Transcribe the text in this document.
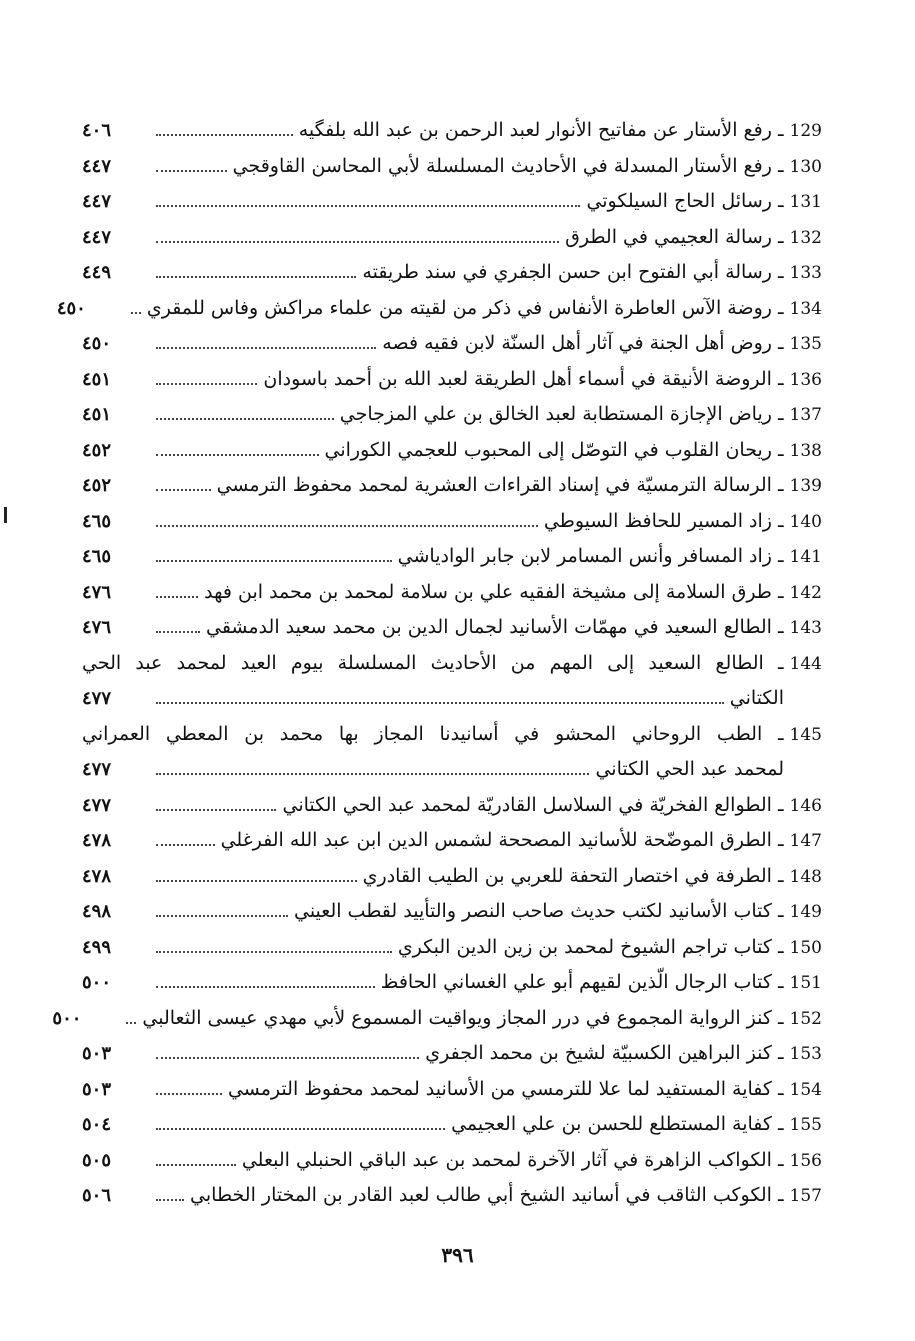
129
ـ رفع الأستار عن مفاتيح الأنوار لعبد الرحمن بن عبد الله بلفگيه
٤٠٦
130
ـ رفع الأستار المسدلة في الأحاديث المسلسلة لأبي المحاسن القاوقجي
٤٤٧
131
ـ رسائل الحاج السيلكوتي
٤٤٧
132
ـ رسالة العجيمي في الطرق
٤٤٧
133
ـ رسالة أبي الفتوح ابن حسن الجفري في سند طريقته
٤٤٩
134
ـ روضة الآس العاطرة الأنفاس في ذكر من لقيته من علماء مراكش وفاس للمقري
٤٥٠
135
ـ روض أهل الجنة في آثار أهل السنّة لابن فقيه فصه
٤٥٠
136
ـ الروضة الأنيقة في أسماء أهل الطريقة لعبد الله بن أحمد باسودان
٤٥١
137
ـ رياض الإجازة المستطابة لعبد الخالق بن علي المزجاجي
٤٥١
138
ـ ريحان القلوب في التوصّل إلى المحبوب للعجمي الكوراني
٤٥٢
139
ـ الرسالة الترمسيّة في إسناد القراءات العشرية لمحمد محفوظ الترمسي
٤٥٢
140
ـ زاد المسير للحافظ السيوطي
٤٦٥
141
ـ زاد المسافر وأنس المسامر لابن جابر الوادياشي
٤٦٥
142
ـ طرق السلامة إلى مشيخة الفقيه علي بن سلامة لمحمد بن محمد ابن فهد
٤٧٦
143
ـ الطالع السعيد في مهمّات الأسانيد لجمال الدين بن محمد سعيد الدمشقي
٤٧٦
144
ـ الطالع السعيد إلى المهم من الأحاديث المسلسلة بيوم العيد لمحمد عبد الحي
الكتاني
٤٧٧
145
ـ الطب الروحاني المحشو في أسانيدنا المجاز بها محمد بن المعطي العمراني
لمحمد عبد الحي الكتاني
٤٧٧
146
ـ الطوالع الفخريّة في السلاسل القادريّة لمحمد عبد الحي الكتاني
٤٧٧
147
ـ الطرق الموضّحة للأسانيد المصححة لشمس الدين ابن عبد الله الفرغلي
٤٧٨
148
ـ الطرفة في اختصار التحفة للعربي بن الطيب القادري
٤٧٨
149
ـ كتاب الأسانيد لكتب حديث صاحب النصر والتأييد لقطب العيني
٤٩٨
150
ـ كتاب تراجم الشيوخ لمحمد بن زين الدين البكري
٤٩٩
151
ـ كتاب الرجال الّذين لقيهم أبو علي الغساني الحافظ
٥٠٠
152
ـ كنز الرواية المجموع في درر المجاز ويواقيت المسموع لأبي مهدي عيسى الثعالبي
٥٠٠
153
ـ كنز البراهين الكسبيّة لشيخ بن محمد الجفري
٥٠٣
154
ـ كفاية المستفيد لما علا للترمسي من الأسانيد لمحمد محفوظ الترمسي
٥٠٣
155
ـ كفاية المستطلع للحسن بن علي العجيمي
٥٠٤
156
ـ الكواكب الزاهرة في آثار الآخرة لمحمد بن عبد الباقي الحنبلي البعلي
٥٠٥
157
ـ الكوكب الثاقب في أسانيد الشيخ أبي طالب لعبد القادر بن المختار الخطابي
٥٠٦
٣٩٦
